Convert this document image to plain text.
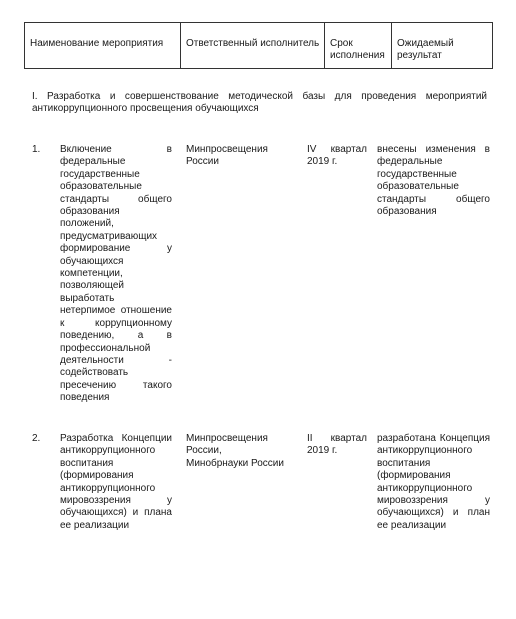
Наименование мероприятия	Ответственный исполнитель	Срок исполнения
Ожидаемый результат
I. Разработка и совершенствование методической базы для проведения мероприятий антикоррупционного просвещения обучающихся
1. Включение в федеральные государственные образовательные стандарты общего образования положений, предусматривающих формирование у обучающихся компетенции, позволяющей выработать нетерпимое отношение к коррупционному поведению, а в профессиональной деятельности - содействовать пресечению такого поведения
Минпросвещения России
IV квартал 2019 г.
внесены изменения в федеральные государственные образовательные стандарты общего образования
2. Разработка Концепции антикоррупционного воспитания (формирования антикоррупционного мировоззрения у обучающихся) и плана ее реализации
Минпросвещения России, Минобрнауки России
II квартал 2019 г.
разработана Концепция антикоррупционного воспитания (формирования антикоррупционного мировоззрения у обучающихся) и план ее реализации
